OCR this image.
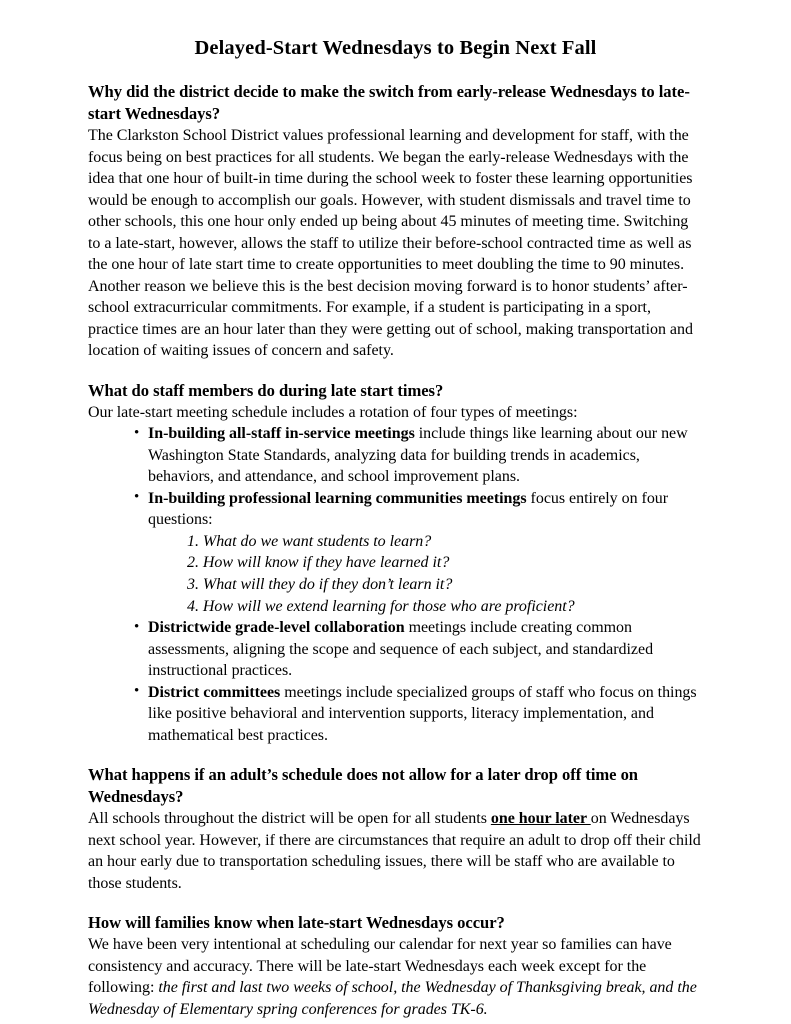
Delayed-Start Wednesdays to Begin Next Fall
Why did the district decide to make the switch from early-release Wednesdays to late-start Wednesdays?

The Clarkston School District values professional learning and development for staff, with the focus being on best practices for all students. We began the early-release Wednesdays with the idea that one hour of built-in time during the school week to foster these learning opportunities would be enough to accomplish our goals. However, with student dismissals and travel time to other schools, this one hour only ended up being about 45 minutes of meeting time. Switching to a late-start, however, allows the staff to utilize their before-school contracted time as well as the one hour of late start time to create opportunities to meet doubling the time to 90 minutes. Another reason we believe this is the best decision moving forward is to honor students’ after-school extracurricular commitments. For example, if a student is participating in a sport, practice times are an hour later than they were getting out of school, making transportation and location of waiting issues of concern and safety.

What do staff members do during late start times?

Our late-start meeting schedule includes a rotation of four types of meetings:

• In-building all-staff in-service meetings include things like learning about our new Washington State Standards, analyzing data for building trends in academics, behaviors, and attendance, and school improvement plans.
• In-building professional learning communities meetings focus entirely on four questions:
1. What do we want students to learn?
2. How will know if they have learned it?
3. What will they do if they don’t learn it?
4. How will we extend learning for those who are proficient?
• Districtwide grade-level collaboration meetings include creating common assessments, aligning the scope and sequence of each subject, and standardized instructional practices.
• District committees meetings include specialized groups of staff who focus on things like positive behavioral and intervention supports, literacy implementation, and mathematical best practices.
What happens if an adult’s schedule does not allow for a later drop off time on Wednesdays?

All schools throughout the district will be open for all students one hour later on Wednesdays next school year. However, if there are circumstances that require an adult to drop off their child an hour early due to transportation scheduling issues, there will be staff who are available to those students.

How will families know when late-start Wednesdays occur?

We have been very intentional at scheduling our calendar for next year so families can have consistency and accuracy. There will be late-start Wednesdays each week except for the following: the first and last two weeks of school, the Wednesday of Thanksgiving break, and the Wednesday of Elementary spring conferences for grades TK-6.
